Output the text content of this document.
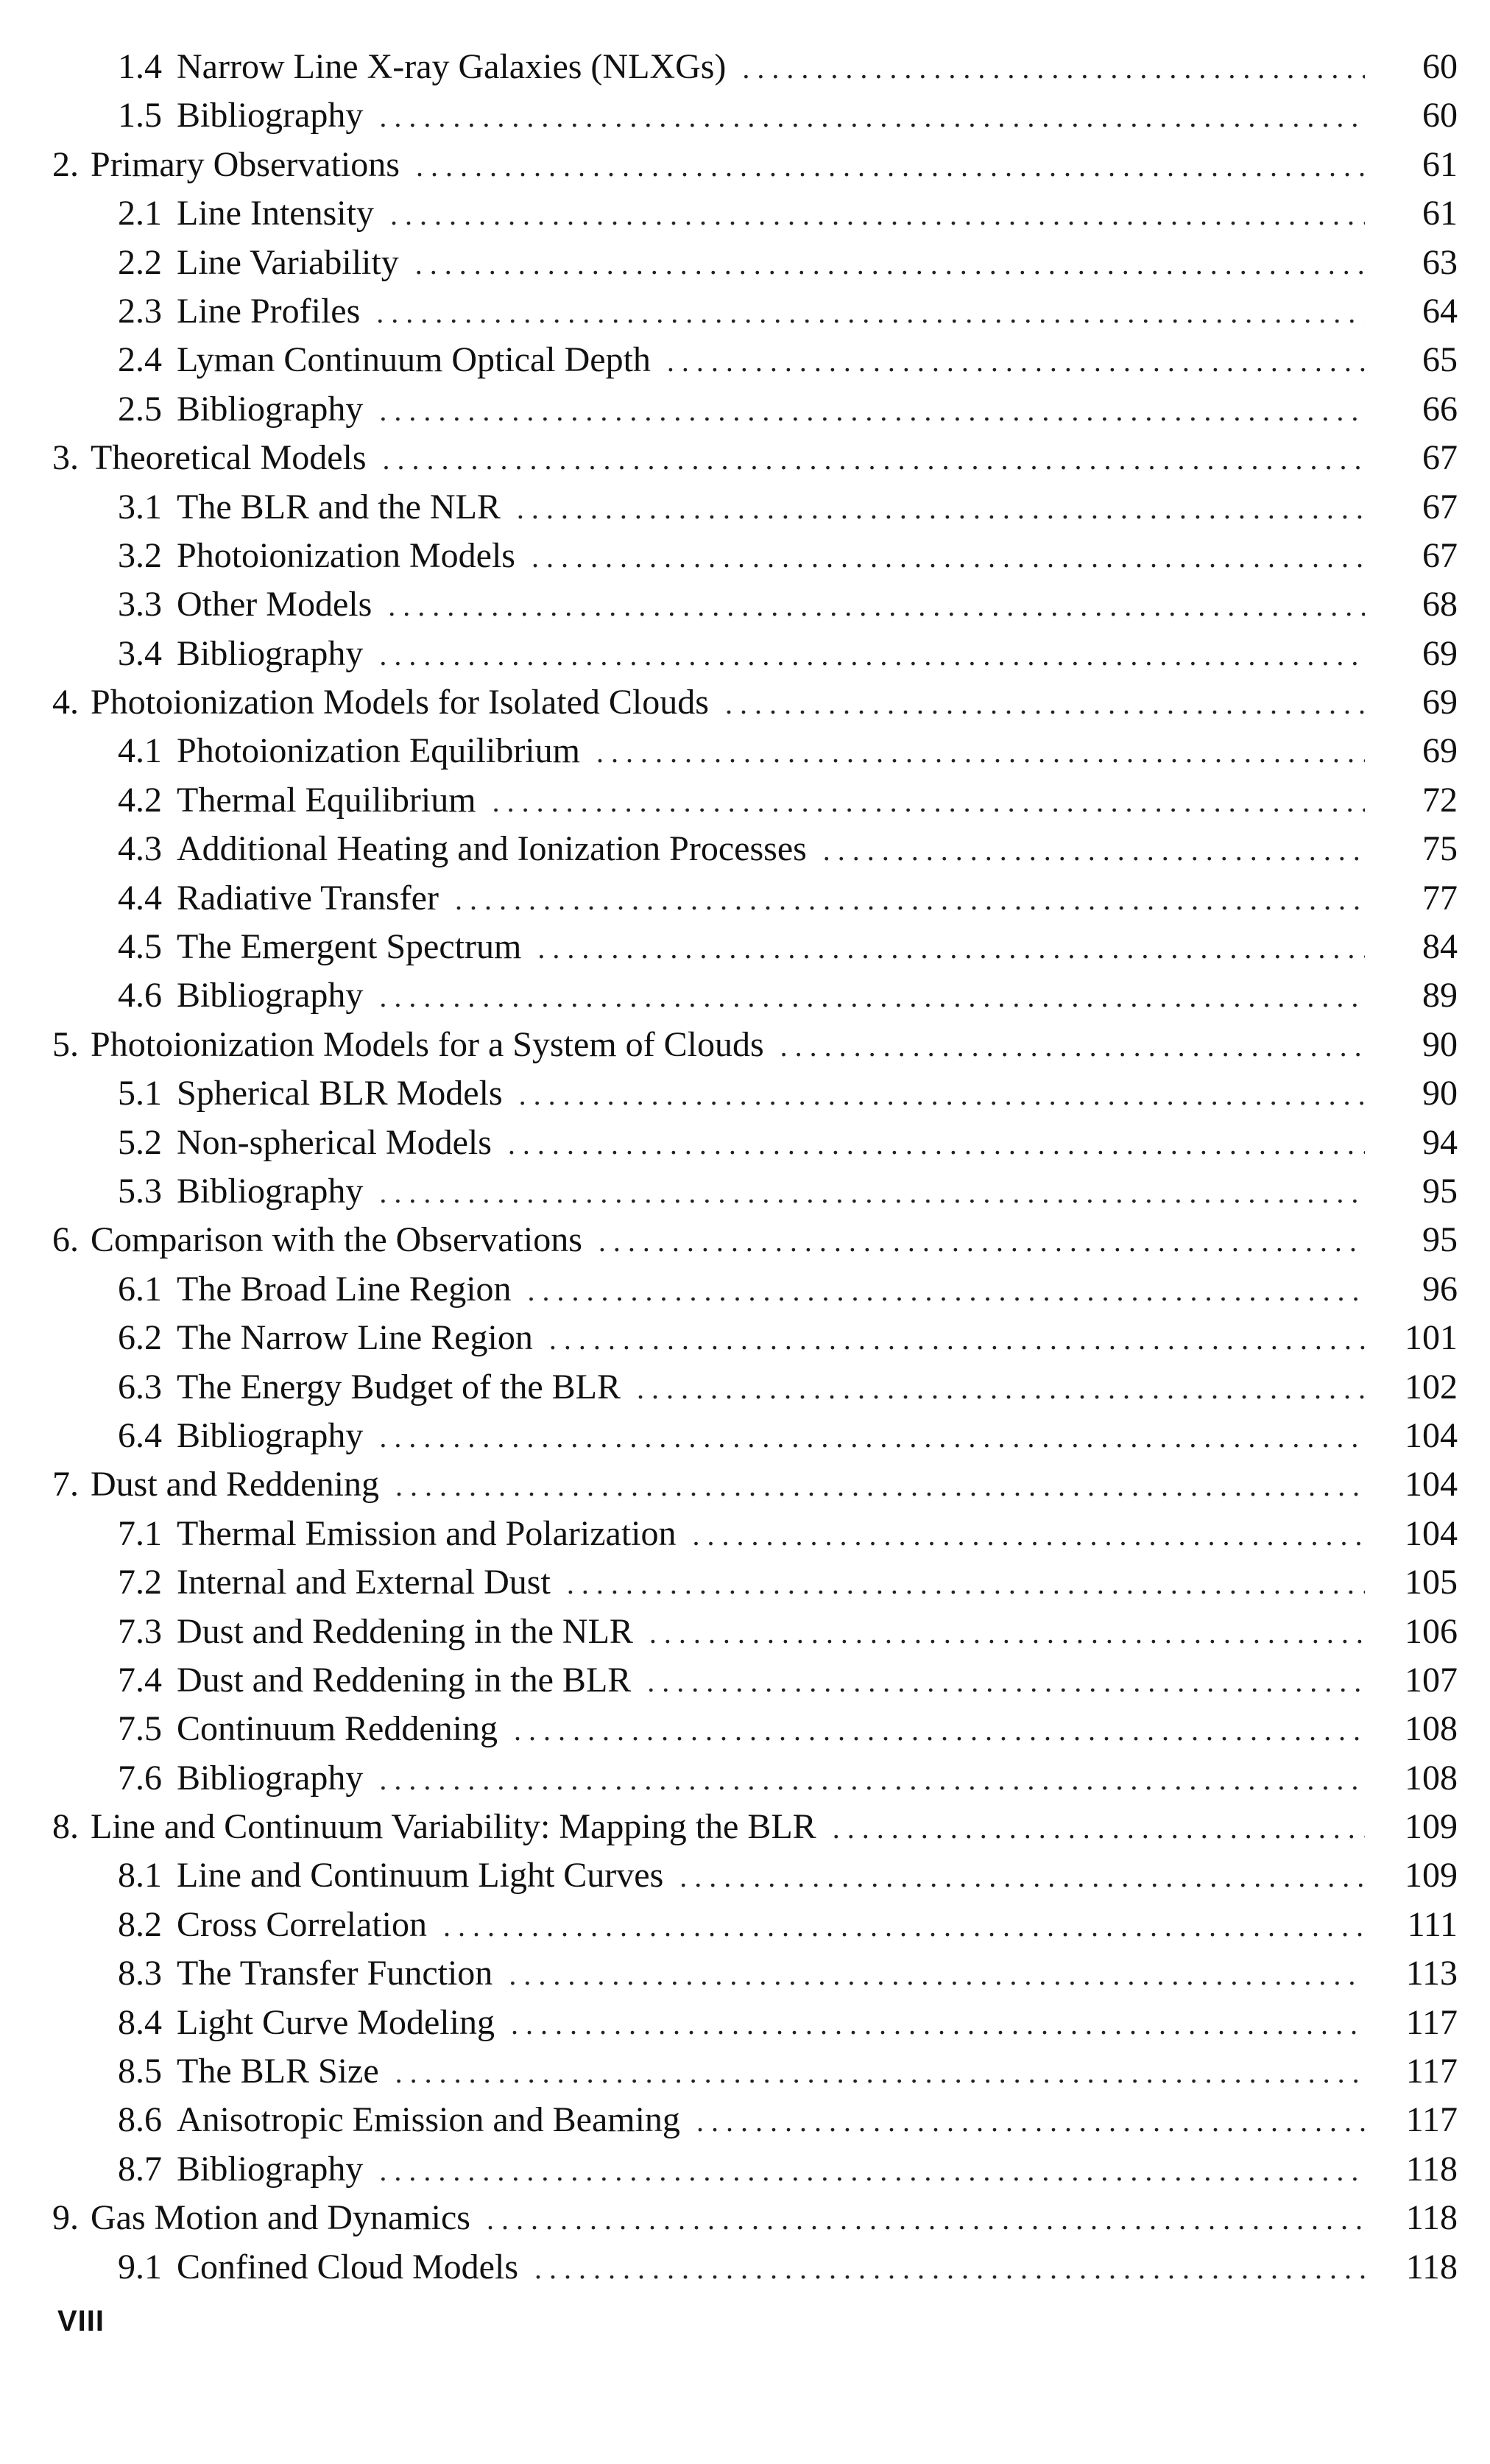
1.4 Narrow Line X-ray Galaxies (NLXGs) . . .	60
1.5 Bibliography . . .	60
2. Primary Observations . . .	61
2.1 Line Intensity . . .	61
2.2 Line Variability . . .	63
2.3 Line Profiles . . .	64
2.4 Lyman Continuum Optical Depth . . .	65
2.5 Bibliography . . .	66
3. Theoretical Models . . .	67
3.1 The BLR and the NLR . . .	67
3.2 Photoionization Models . . .	67
3.3 Other Models . . .	68
3.4 Bibliography . . .	69
4. Photoionization Models for Isolated Clouds . . .	69
4.1 Photoionization Equilibrium . . .	69
4.2 Thermal Equilibrium . . .	72
4.3 Additional Heating and Ionization Processes . . .	75
4.4 Radiative Transfer . . .	77
4.5 The Emergent Spectrum . . .	84
4.6 Bibliography . . .	89
5. Photoionization Models for a System of Clouds . . .	90
5.1 Spherical BLR Models . . .	90
5.2 Non-spherical Models . . .	94
5.3 Bibliography . . .	95
6. Comparison with the Observations . . .	95
6.1 The Broad Line Region . . .	96
6.2 The Narrow Line Region . . .	101
6.3 The Energy Budget of the BLR . . .	102
6.4 Bibliography . . .	104
7. Dust and Reddening . . .	104
7.1 Thermal Emission and Polarization . . .	104
7.2 Internal and External Dust . . .	105
7.3 Dust and Reddening in the NLR . . .	106
7.4 Dust and Reddening in the BLR . . .	107
7.5 Continuum Reddening . . .	108
7.6 Bibliography . . .	108
8. Line and Continuum Variability: Mapping the BLR . . .	109
8.1 Line and Continuum Light Curves . . .	109
8.2 Cross Correlation . . .	111
8.3 The Transfer Function . . .	113
8.4 Light Curve Modeling . . .	117
8.5 The BLR Size . . .	117
8.6 Anisotropic Emission and Beaming . . .	117
8.7 Bibliography . . .	118
9. Gas Motion and Dynamics . . .	118
9.1 Confined Cloud Models . . .	118
VIII
